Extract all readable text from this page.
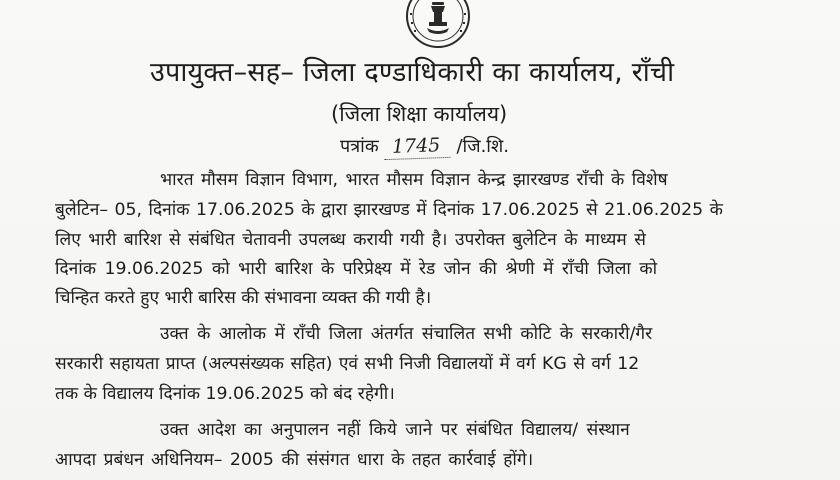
उपायुक्त–सह– जिला दण्डाधिकारी का कार्यालय, राँची
(जिला शिक्षा कार्यालय)
पत्रांक 1745 /जि.शि.
भारत मौसम विज्ञान विभाग, भारत मौसम विज्ञान केन्द्र झारखण्ड राँची के विशेष
बुलेटिन– 05, दिनांक 17.06.2025 के द्वारा झारखण्ड में दिनांक 17.06.2025 से 21.06.2025 के
लिए भारी बारिश से संबंधित चेतावनी उपलब्ध करायी गयी है। उपरोक्त बुलेटिन के माध्यम से
दिनांक 19.06.2025 को भारी बारिश के परिप्रेक्ष्य में रेड जोन की श्रेणी में राँची जिला को
चिन्हित करते हुए भारी बारिस की संभावना व्यक्त की गयी है।
उक्त के आलोक में राँची जिला अंतर्गत संचालित सभी कोटि के सरकारी/गैर
सरकारी सहायता प्राप्त (अल्पसंख्यक सहित) एवं सभी निजी विद्यालयों में वर्ग KG से वर्ग 12
तक के विद्यालय दिनांक 19.06.2025 को बंद रहेगी।
उक्त आदेश का अनुपालन नहीं किये जाने पर संबंधित विद्यालय/ संस्थान
आपदा प्रबंधन अधिनियम– 2005 की संसंगत धारा के तहत कार्रवाई होंगे।
